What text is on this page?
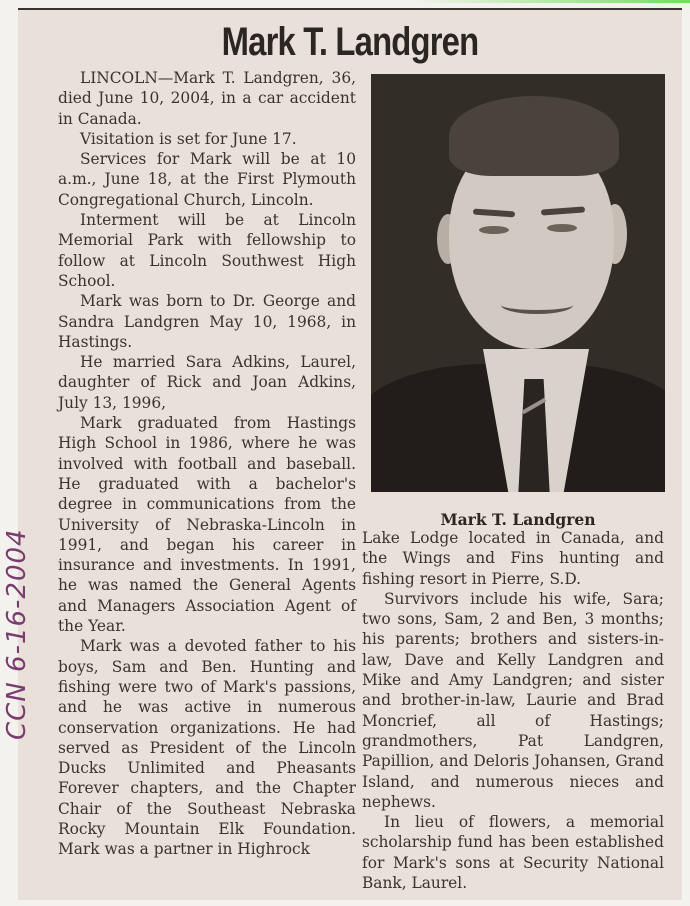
Mark T. Landgren

LINCOLN—Mark T. Landgren, 36, died June 10, 2004, in a car accident in Canada.

Visitation is set for June 17.

Services for Mark will be at 10 a.m., June 18, at the First Plymouth Congregational Church, Lincoln.

Interment will be at Lincoln Memorial Park with fellowship to follow at Lincoln Southwest High School.

Mark was born to Dr. George and Sandra Landgren May 10, 1968, in Hastings.

He married Sara Adkins, Laurel, daughter of Rick and Joan Adkins, July 13, 1996,

Mark graduated from Hastings High School in 1986, where he was involved with football and baseball. He graduated with a bachelor's degree in communications from the University of Nebraska-Lincoln in 1991, and began his career in insurance and investments. In 1991, he was named the General Agents and Managers Association Agent of the Year.

Mark was a devoted father to his boys, Sam and Ben. Hunting and fishing were two of Mark's passions, and he was active in numerous conservation organizations. He had served as President of the Lincoln Ducks Unlimited and Pheasants Forever chapters, and the Chapter Chair of the Southeast Nebraska Rocky Mountain Elk Foundation. Mark was a partner in Highrock

Mark T. Landgren

Lake Lodge located in Canada, and the Wings and Fins hunting and fishing resort in Pierre, S.D.

Survivors include his wife, Sara; two sons, Sam, 2 and Ben, 3 months; his parents; brothers and sisters-in-law, Dave and Kelly Landgren and Mike and Amy Landgren; and sister and brother-in-law, Laurie and Brad Moncrief, all of Hastings; grandmothers, Pat Landgren, Papillion, and Deloris Johansen, Grand Island, and numerous nieces and nephews.

In lieu of flowers, a memorial scholarship fund has been established for Mark's sons at Security National Bank, Laurel.

CCN 6-16-2004
